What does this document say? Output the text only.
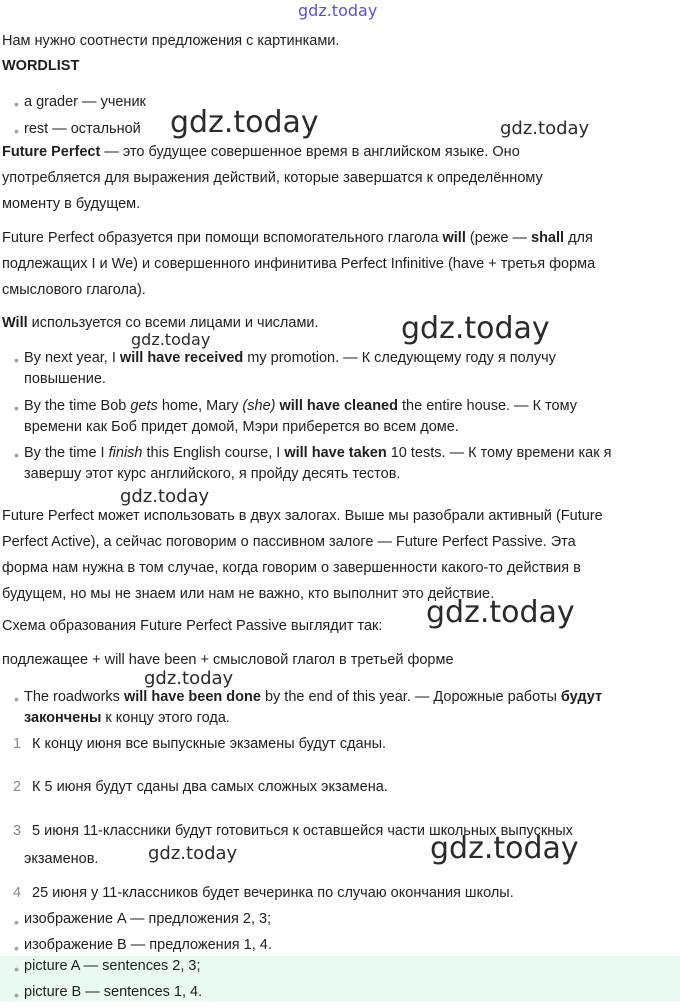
gdz.today
gdz.today	gdz.today
gdz.today
gdz.today
gdz.today
gdz.today
gdz.today
gdz.today	gdz.today
Нам нужно соотнести предложения с картинками.
WORDLIST
• a grader — ученик
• rest — остальной
Future Perfect — это будущее совершенное время в английском языке. Оно
употребляется для выражения действий, которые завершатся к определённому
моменту в будущем.
Future Perfect образуется при помощи вспомогательного глагола will (реже — shall для
подлежащих I и We) и совершенного инфинитива Perfect Infinitive (have + третья форма
смыслового глагола).
Will используется со всеми лицами и числами.
• By next year, I will have received my promotion. — К следующему году я получу
повышение.
• By the time Bob gets home, Mary (she) will have cleaned the entire house. — К тому
времени как Боб придет домой, Мэри приберется во всем доме.
• By the time I finish this English course, I will have taken 10 tests. — К тому времени как я
завершу этот курс английского, я пройду десять тестов.
Future Perfect может использовать в двух залогах. Выше мы разобрали активный (Future
Perfect Active), а сейчас поговорим о пассивном залоге — Future Perfect Passive. Эта
форма нам нужна в том случае, когда говорим о завершенности какого-то действия в
будущем, но мы не знаем или нам не важно, кто выполнит это действие.
Схема образования Future Perfect Passive выглядит так:
подлежащее + will have been + смысловой глагол в третьей форме
• The roadworks will have been done by the end of this year. — Дорожные работы будут
закончены к концу этого года.
1 К концу июня все выпускные экзамены будут сданы.
2 К 5 июня будут сданы два самых сложных экзамена.
3 5 июня 11-классники будут готовиться к оставшейся части школьных выпускных
экзаменов.
4 25 июня у 11-классников будет вечеринка по случаю окончания школы.
• изображение A — предложения 2, 3;
• изображение B — предложения 1, 4.
• picture A — sentences 2, 3;
• picture B — sentences 1, 4.
